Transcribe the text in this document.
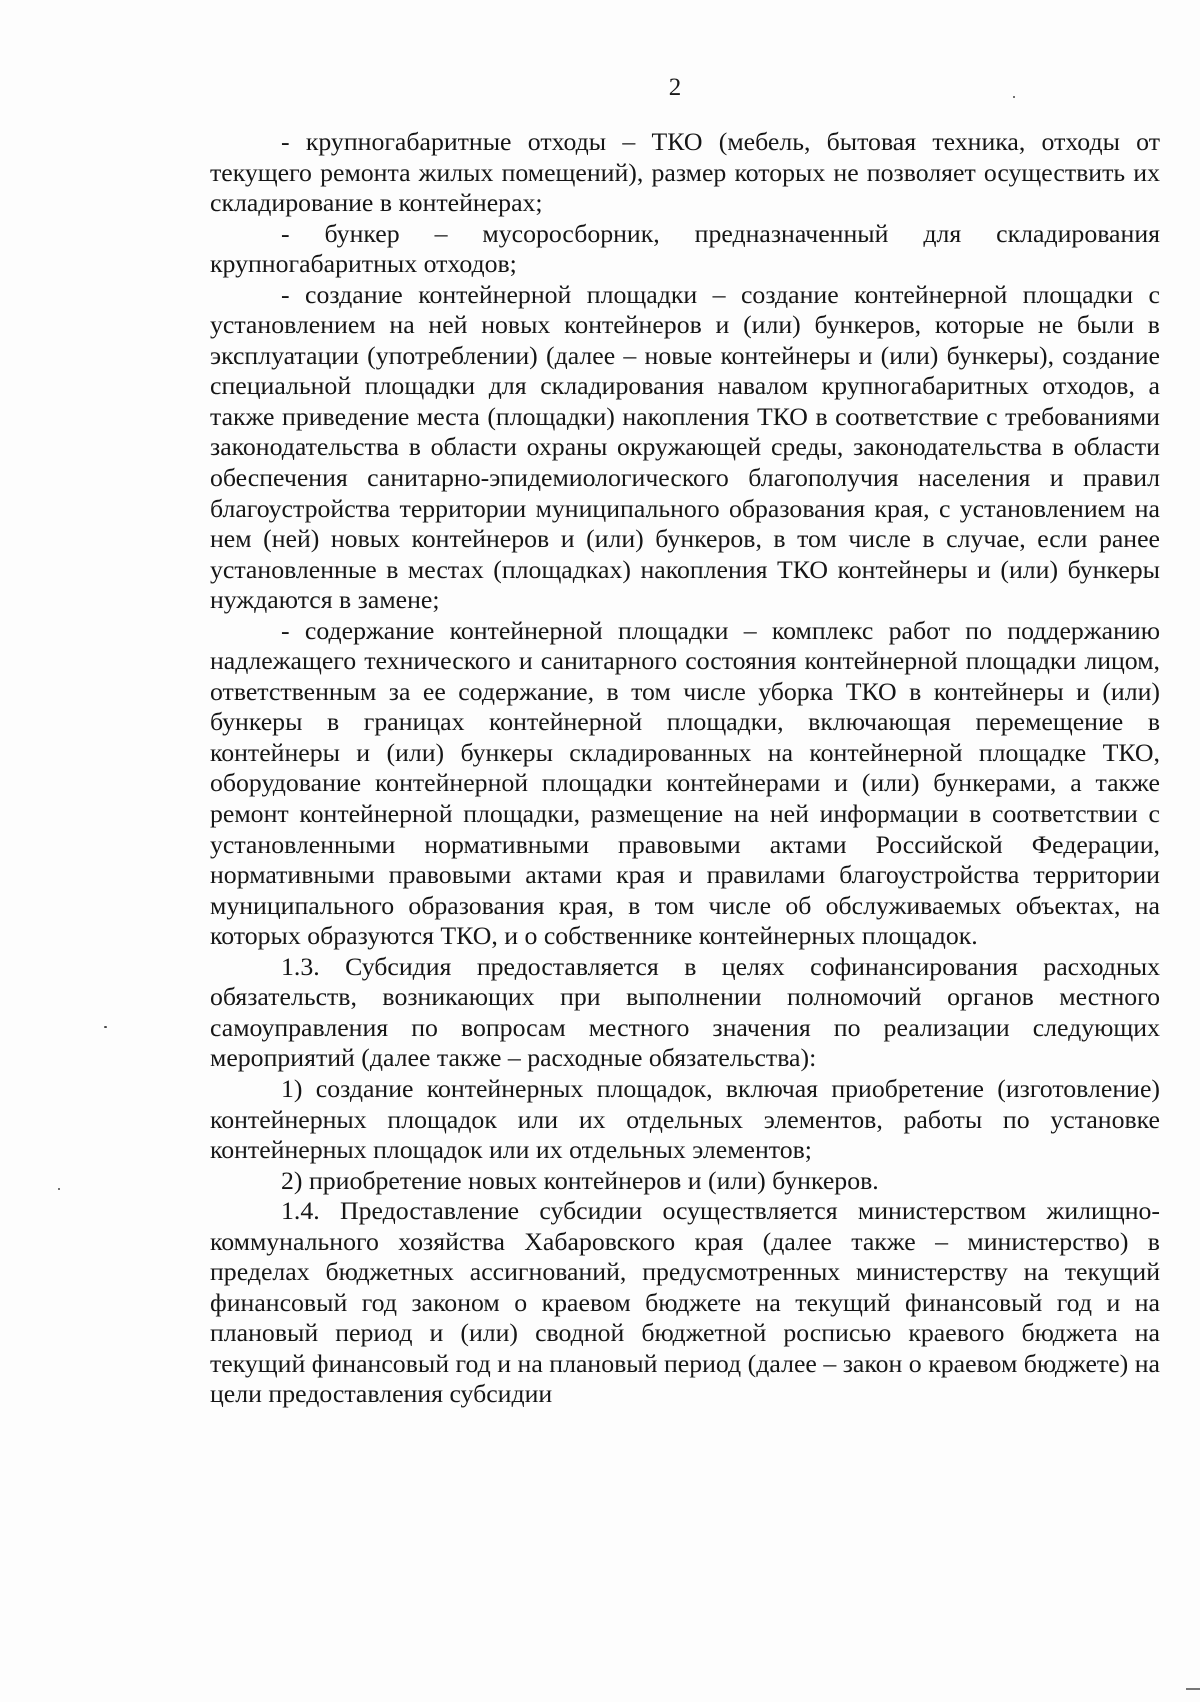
2

- крупногабаритные отходы – ТКО (мебель, бытовая техника, отходы от текущего ремонта жилых помещений), размер которых не позволяет осуществить их складирование в контейнерах;

- бункер – мусоросборник, предназначенный для складирования крупногабаритных отходов;

- создание контейнерной площадки – создание контейнерной площадки с установлением на ней новых контейнеров и (или) бункеров, которые не были в эксплуатации (употреблении) (далее – новые контейнеры и (или) бункеры), создание специальной площадки для складирования навалом крупногабаритных отходов, а также приведение места (площадки) накопления ТКО в соответствие с требованиями законодательства в области охраны окружающей среды, законодательства в области обеспечения санитарно-эпидемиологического благополучия населения и правил благоустройства территории муниципального образования края, с установлением на нем (ней) новых контейнеров и (или) бункеров, в том числе в случае, если ранее установленные в местах (площадках) накопления ТКО контейнеры и (или) бункеры нуждаются в замене;

- содержание контейнерной площадки – комплекс работ по поддержанию надлежащего технического и санитарного состояния контейнерной площадки лицом, ответственным за ее содержание, в том числе уборка ТКО в контейнеры и (или) бункеры в границах контейнерной площадки, включающая перемещение в контейнеры и (или) бункеры складированных на контейнерной площадке ТКО, оборудование контейнерной площадки контейнерами и (или) бункерами, а также ремонт контейнерной площадки, размещение на ней информации в соответствии с установленными нормативными правовыми актами Российской Федерации, нормативными правовыми актами края и правилами благоустройства территории муниципального образования края, в том числе об обслуживаемых объектах, на которых образуются ТКО, и о собственнике контейнерных площадок.

1.3. Субсидия предоставляется в целях софинансирования расходных обязательств, возникающих при выполнении полномочий органов местного самоуправления по вопросам местного значения по реализации следующих мероприятий (далее также – расходные обязательства):

1) создание контейнерных площадок, включая приобретение (изготовление) контейнерных площадок или их отдельных элементов, работы по установке контейнерных площадок или их отдельных элементов;

2) приобретение новых контейнеров и (или) бункеров.

1.4. Предоставление субсидии осуществляется министерством жилищно-коммунального хозяйства Хабаровского края (далее также – министерство) в пределах бюджетных ассигнований, предусмотренных министерству на текущий финансовый год законом о краевом бюджете на текущий финансовый год и на плановый период и (или) сводной бюджетной росписью краевого бюджета на текущий финансовый год и на плановый период (далее – закон о краевом бюджете) на цели предоставления субсидии
